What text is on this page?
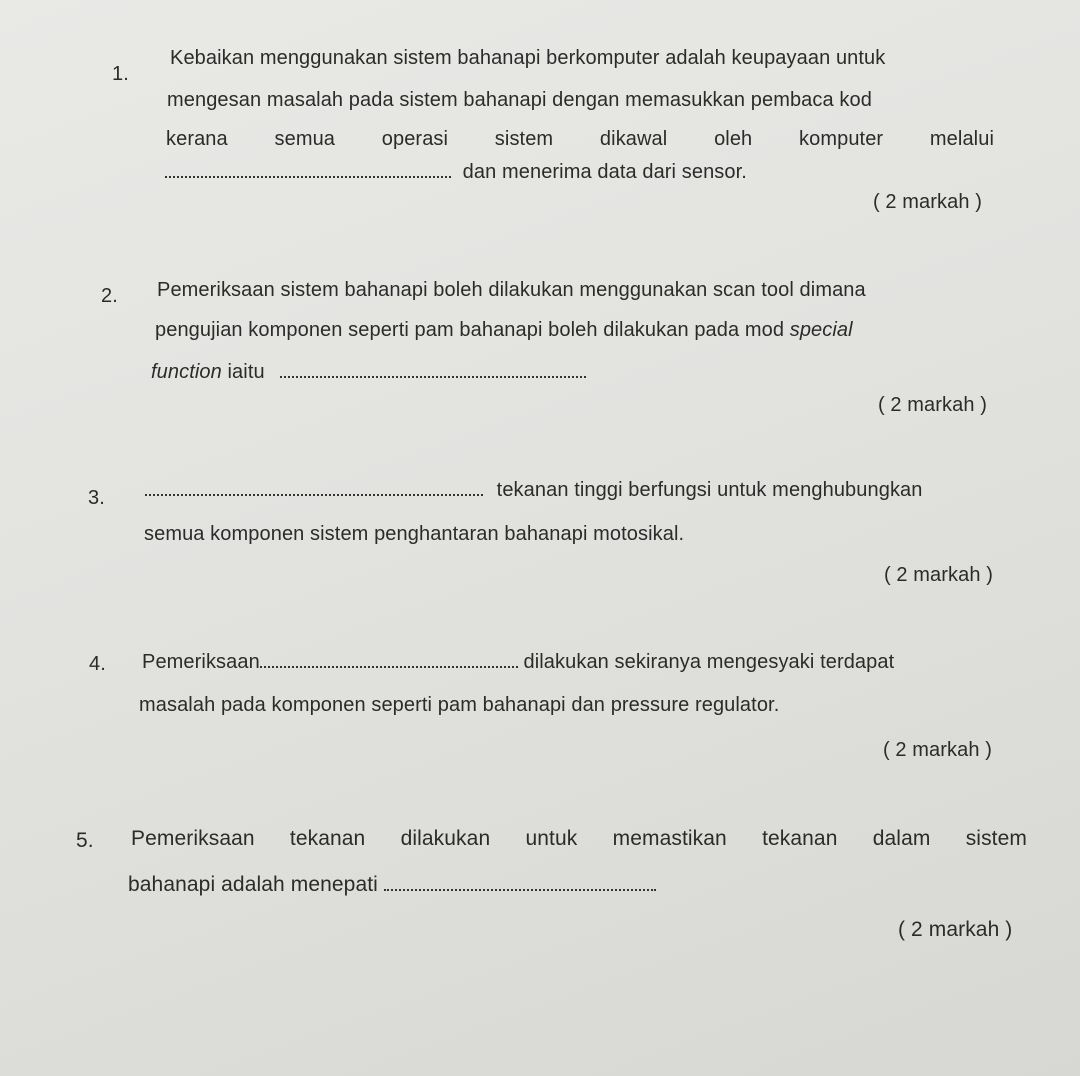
1.
Kebaikan menggunakan sistem bahanapi berkomputer adalah keupayaan untuk
mengesan masalah pada sistem bahanapi dengan memasukkan pembaca kod
kerana semua operasi sistem dikawal oleh komputer melalui
dan menerima data dari sensor.
( 2 markah )
2. Pemeriksaan sistem bahanapi boleh dilakukan menggunakan scan tool dimana
pengujian komponen seperti pam bahanapi boleh dilakukan pada mod special
function iaitu
( 2 markah )
3.	tekanan tinggi berfungsi untuk menghubungkan
semua komponen sistem penghantaran bahanapi motosikal.
( 2 markah )
4. Pemeriksaan	dilakukan sekiranya mengesyaki terdapat
masalah pada komponen seperti pam bahanapi dan pressure regulator.
( 2 markah )
5. Pemeriksaan tekanan dilakukan untuk memastikan tekanan dalam sistem
bahanapi adalah menepati
( 2 markah )
